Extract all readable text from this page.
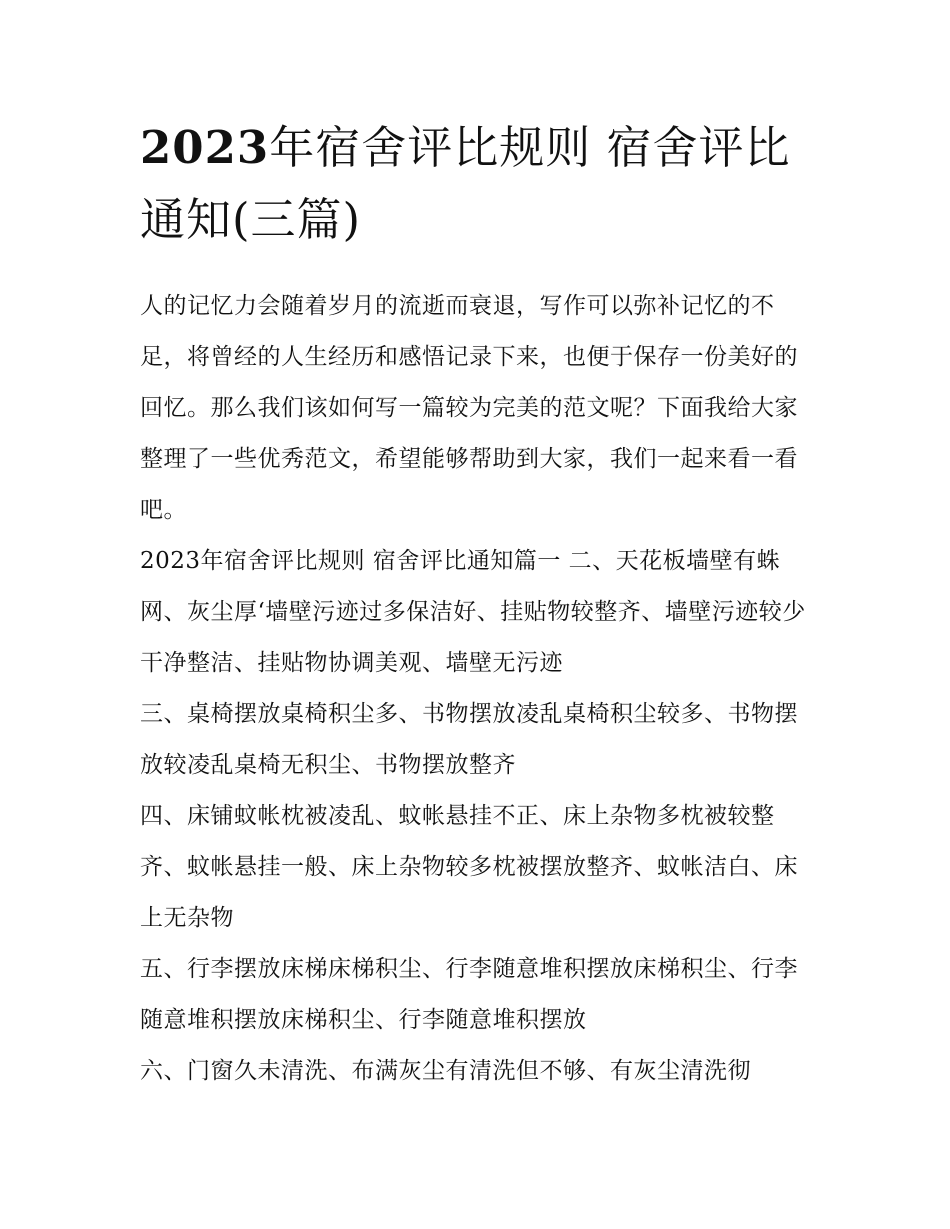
2023年宿舍评比规则 宿舍评比通知(三篇)

人的记忆力会随着岁月的流逝而衰退，写作可以弥补记忆的不足，将曾经的人生经历和感悟记录下来，也便于保存一份美好的回忆。那么我们该如何写一篇较为完美的范文呢？下面我给大家整理了一些优秀范文，希望能够帮助到大家，我们一起来看一看吧。

2023年宿舍评比规则 宿舍评比通知篇一 二、天花板墙壁有蛛网、灰尘厚‘墙壁污迹过多保洁好、挂贴物较整齐、墙壁污迹较少干净整洁、挂贴物协调美观、墙壁无污迹

三、桌椅摆放桌椅积尘多、书物摆放凌乱桌椅积尘较多、书物摆放较凌乱桌椅无积尘、书物摆放整齐

四、床铺蚊帐枕被凌乱、蚊帐悬挂不正、床上杂物多枕被较整齐、蚊帐悬挂一般、床上杂物较多枕被摆放整齐、蚊帐洁白、床上无杂物

五、行李摆放床梯床梯积尘、行李随意堆积摆放床梯积尘、行李随意堆积摆放床梯积尘、行李随意堆积摆放

六、门窗久未清洗、布满灰尘有清洗但不够、有灰尘清洗彻
